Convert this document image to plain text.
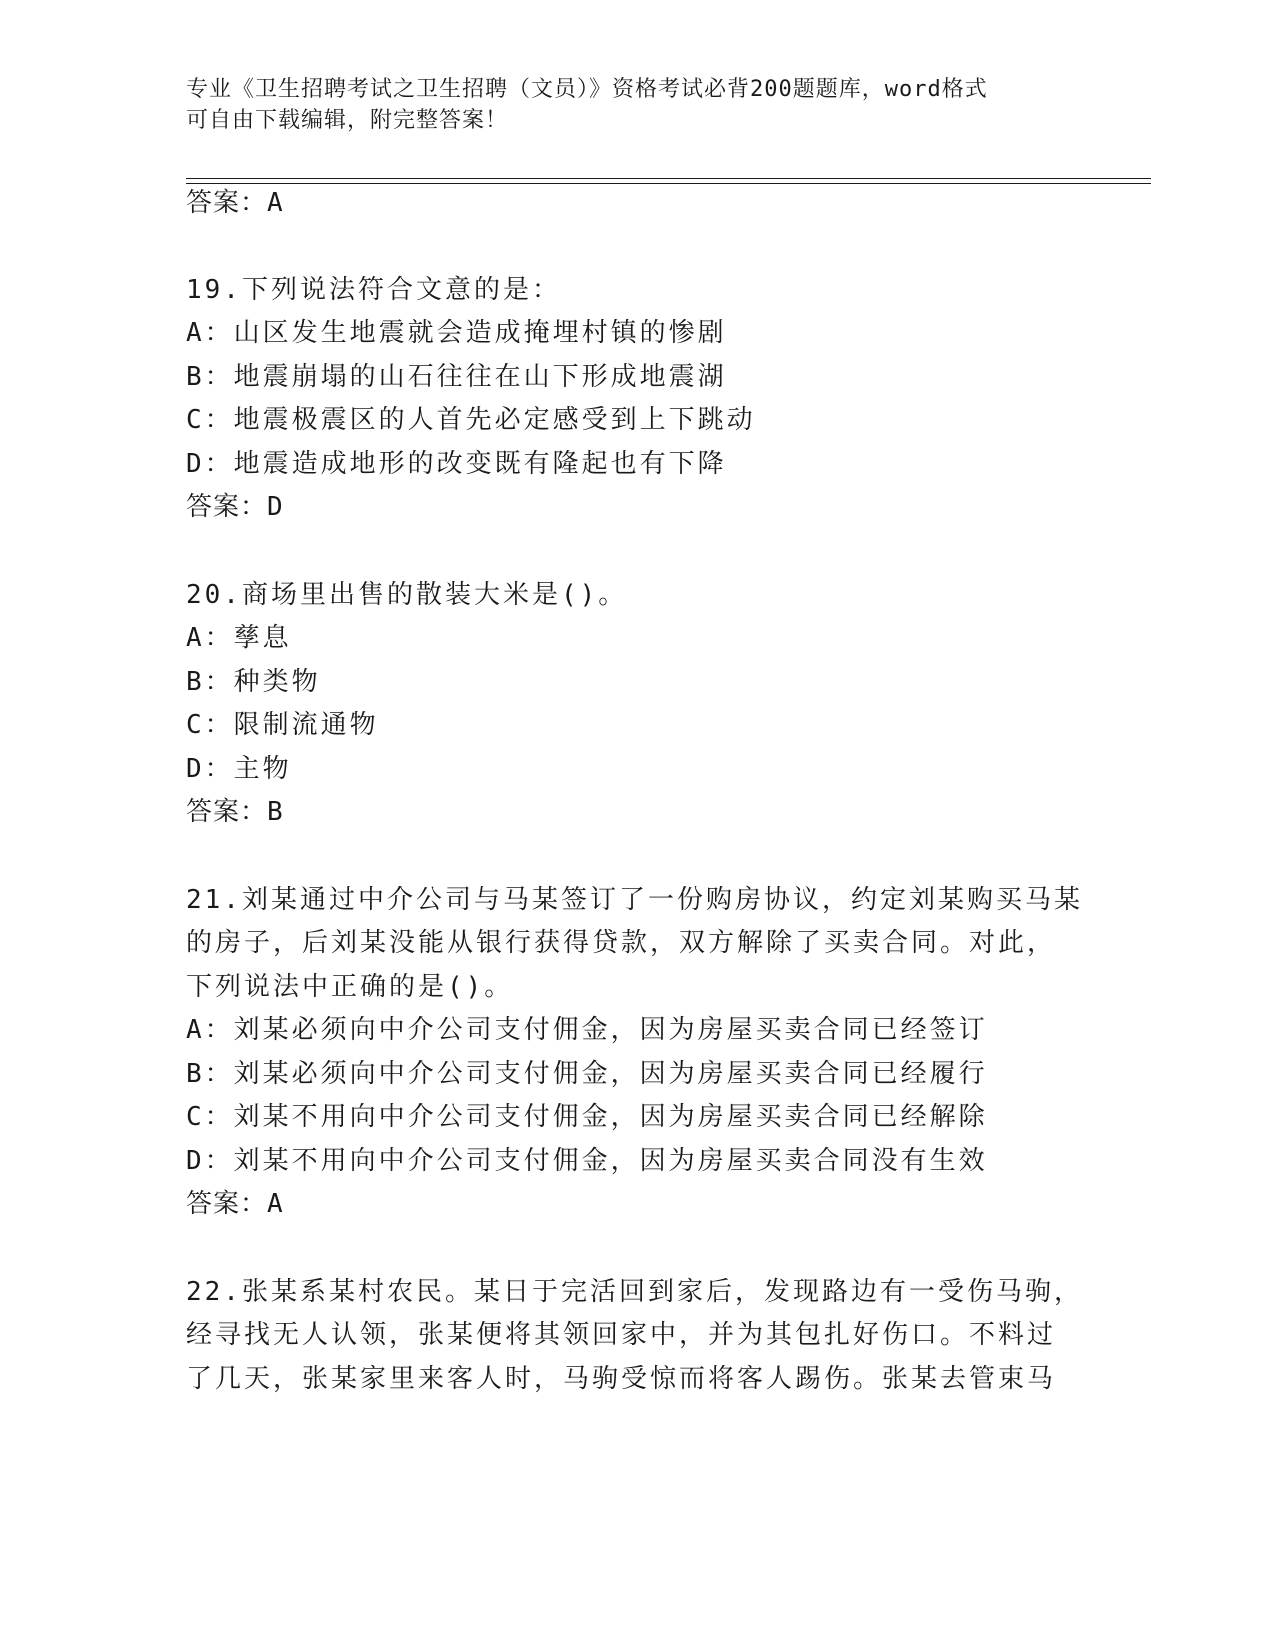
专业《卫生招聘考试之卫生招聘（文员）》资格考试必背200题题库，word格式
可自由下载编辑，附完整答案！
答案：A
19.下列说法符合文意的是：
A：山区发生地震就会造成掩埋村镇的惨剧
B：地震崩塌的山石往往在山下形成地震湖
C：地震极震区的人首先必定感受到上下跳动
D：地震造成地形的改变既有隆起也有下降
答案：D
20.商场里出售的散装大米是()。
A：孳息
B：种类物
C：限制流通物
D：主物
答案：B
21.刘某通过中介公司与马某签订了一份购房协议，约定刘某购买马某
的房子，后刘某没能从银行获得贷款，双方解除了买卖合同。对此，
下列说法中正确的是()。
A：刘某必须向中介公司支付佣金，因为房屋买卖合同已经签订
B：刘某必须向中介公司支付佣金，因为房屋买卖合同已经履行
C：刘某不用向中介公司支付佣金，因为房屋买卖合同已经解除
D：刘某不用向中介公司支付佣金，因为房屋买卖合同没有生效
答案：A
22.张某系某村农民。某日于完活回到家后，发现路边有一受伤马驹，
经寻找无人认领，张某便将其领回家中，并为其包扎好伤口。不料过
了几天，张某家里来客人时，马驹受惊而将客人踢伤。张某去管束马
